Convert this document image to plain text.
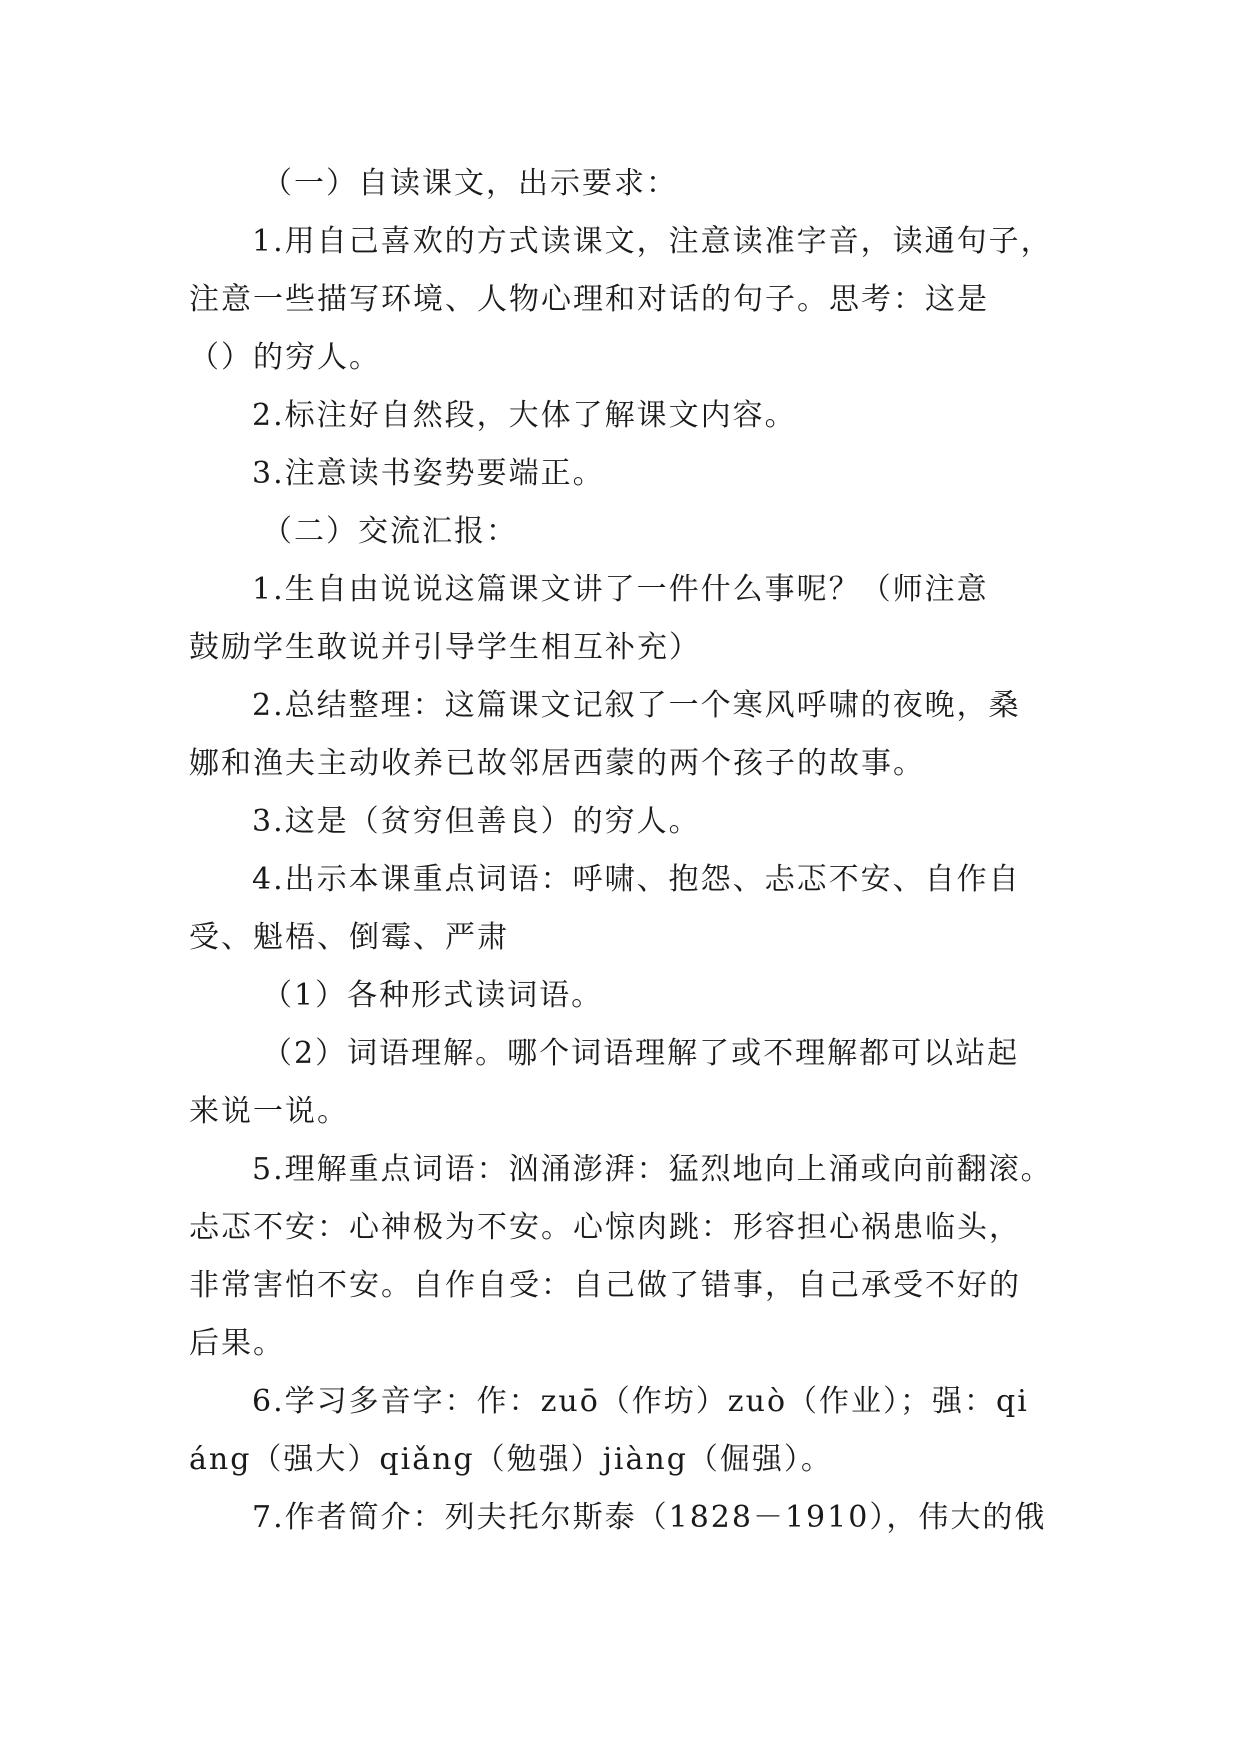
（一）自读课文，出示要求：
1.用自己喜欢的方式读课文，注意读准字音，读通句子，
注意一些描写环境、人物心理和对话的句子。思考：这是
（）的穷人。
2.标注好自然段，大体了解课文内容。
3.注意读书姿势要端正。
（二）交流汇报：
1.生自由说说这篇课文讲了一件什么事呢？（师注意
鼓励学生敢说并引导学生相互补充）
2.总结整理：这篇课文记叙了一个寒风呼啸的夜晚，桑
娜和渔夫主动收养已故邻居西蒙的两个孩子的故事。
3.这是（贫穷但善良）的穷人。
4.出示本课重点词语：呼啸、抱怨、忐忑不安、自作自
受、魁梧、倒霉、严肃
（1）各种形式读词语。
（2）词语理解。哪个词语理解了或不理解都可以站起
来说一说。
5.理解重点词语：汹涌澎湃：猛烈地向上涌或向前翻滚。
忐忑不安：心神极为不安。心惊肉跳：形容担心祸患临头，
非常害怕不安。自作自受：自己做了错事，自己承受不好的
后果。
6.学习多音字：作：zuō（作坊）zuò（作业）；强：qi
áng（强大）qiǎng（勉强）jiàng（倔强）。
7.作者简介：列夫托尔斯泰（1828－1910），伟大的俄
